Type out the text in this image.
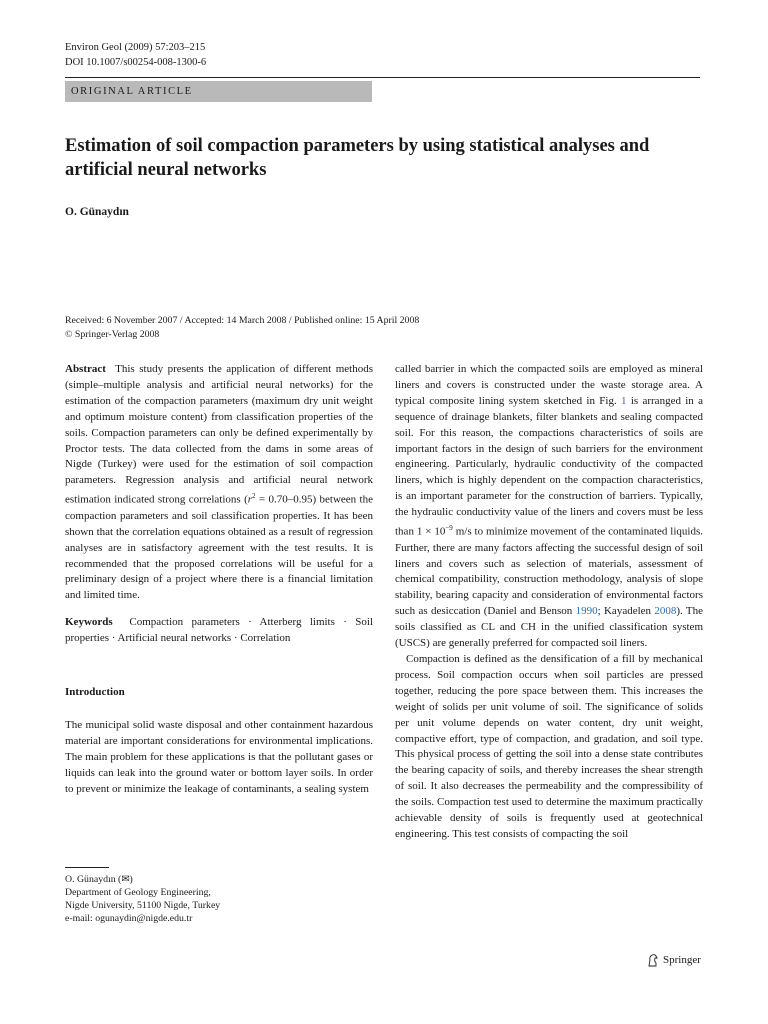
Environ Geol (2009) 57:203–215
DOI 10.1007/s00254-008-1300-6
ORIGINAL ARTICLE
Estimation of soil compaction parameters by using statistical analyses and artificial neural networks
O. Günaydın
Received: 6 November 2007 / Accepted: 14 March 2008 / Published online: 15 April 2008
© Springer-Verlag 2008

Abstract This study presents the application of different methods (simple–multiple analysis and artificial neural networks) for the estimation of the compaction parameters (maximum dry unit weight and optimum moisture content) from classification properties of the soils. Compaction parameters can only be defined experimentally by Proctor tests. The data collected from the dams in some areas of Nigde (Turkey) were used for the estimation of soil compaction parameters. Regression analysis and artificial neural network estimation indicated strong correlations $(r^2 = 0.70-0.95)$ between the compaction parameters and soil classification properties. It has been shown that the correlation equations obtained as a result of regression analyses are in satisfactory agreement with the test results. It is recommended that the proposed correlations will be useful for a preliminary design of a project where there is a financial limitation and limited time.

Keywords Compaction parameters · Atterberg limits · Soil properties · Artificial neural networks · Correlation

Introduction

The municipal solid waste disposal and other containment hazardous material are important considerations for environmental implications. The main problem for these applications is that the pollutant gases or liquids can leak into the ground water or bottom layer soils. In order to prevent or minimize the leakage of contaminants, a sealing system

called barrier in which the compacted soils are employed as mineral liners and covers is constructed under the waste storage area. A typical composite lining system sketched in Fig. 1 is arranged in a sequence of drainage blankets, filter blankets and sealing compacted soil. For this reason, the compactions characteristics of soils are important factors in the design of such barriers for the environment engineering. Particularly, hydraulic conductivity of the compacted liners, which is highly dependent on the compaction characteristics, is an important parameter for the construction of barriers. Typically, the hydraulic conductivity value of the liners and covers must be less than $1 \times 10^{-9}$ m/s to minimize movement of the contaminated liquids. Further, there are many factors affecting the successful design of soil liners and covers such as selection of materials, assessment of chemical compatibility, construction methodology, analysis of slope stability, bearing capacity and consideration of environmental factors such as desiccation (Daniel and Benson 1990; Kayadelen 2008). The soils classified as CL and CH in the unified classification system (USCS) are generally preferred for compacted soil liners.

Compaction is defined as the densification of a fill by mechanical process. Soil compaction occurs when soil particles are pressed together, reducing the pore space between them. This increases the weight of solids per unit volume of soil. The significance of solids per unit volume depends on water content, dry unit weight, compactive effort, type of compaction, and gradation, and soil type. This physical process of getting the soil into a dense state contributes the bearing capacity of soils, and thereby increases the shear strength of soil. It also decreases the permeability and the compressibility of the soils. Compaction test used to determine the maximum practically achievable density of soils is frequently used at geotechnical engineering. This test consists of compacting the soil

O. Günaydın (✉)
Department of Geology Engineering,
Nigde University, 51100 Nigde, Turkey
e-mail: ogunaydin@nigde.edu.tr
Springer
